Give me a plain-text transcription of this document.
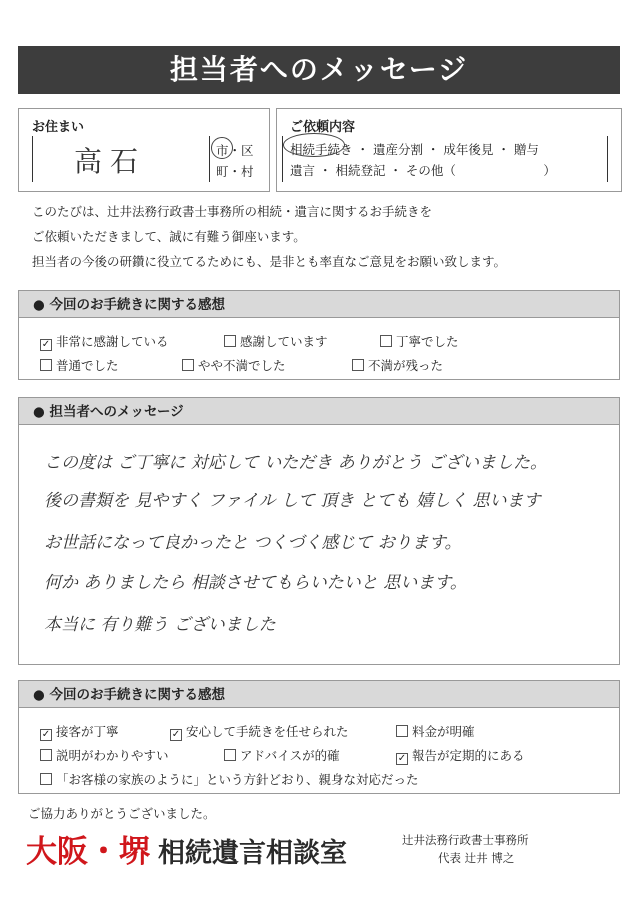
担当者へのメッセージ
お住まい
高石	市・区
町・村
ご依頼内容
相続手続き ・ 遺産分割 ・ 成年後見 ・ 贈与
遺言 ・ 相続登記 ・ その他（　　　　　　　）
このたびは、辻井法務行政書士事務所の相続・遺言に関するお手続きを
ご依頼いただきまして、誠に有難う御座います。
担当者の今後の研鑽に役立てるためにも、是非とも率直なご意見をお願い致します。
● 今回のお手続きに関する感想
✓ 非常に感謝している	感謝しています	丁寧でした
普通でした	やや不満でした	不満が残った
● 担当者へのメッセージ
この度は ご丁寧に 対応して いただき ありがとう ございました。
後の書類を 見やすく ファイル して 頂き とても 嬉しく 思います
お世話になって良かったと つくづく感じて おります。
何か ありましたら 相談させてもらいたいと 思います。
本当に 有り難う ございました
● 今回のお手続きに関する感想
✓ 接客が丁寧	✓ 安心して手続きを任せられた	料金が明確
説明がわかりやすい	アドバイスが的確	✓ 報告が定期的にある
「お客様の家族のように」という方針どおり、親身な対応だった
ご協力ありがとうございました。
大阪・堺 相続遺言相談室	辻井法務行政書士事務所
代表 辻井 博之
